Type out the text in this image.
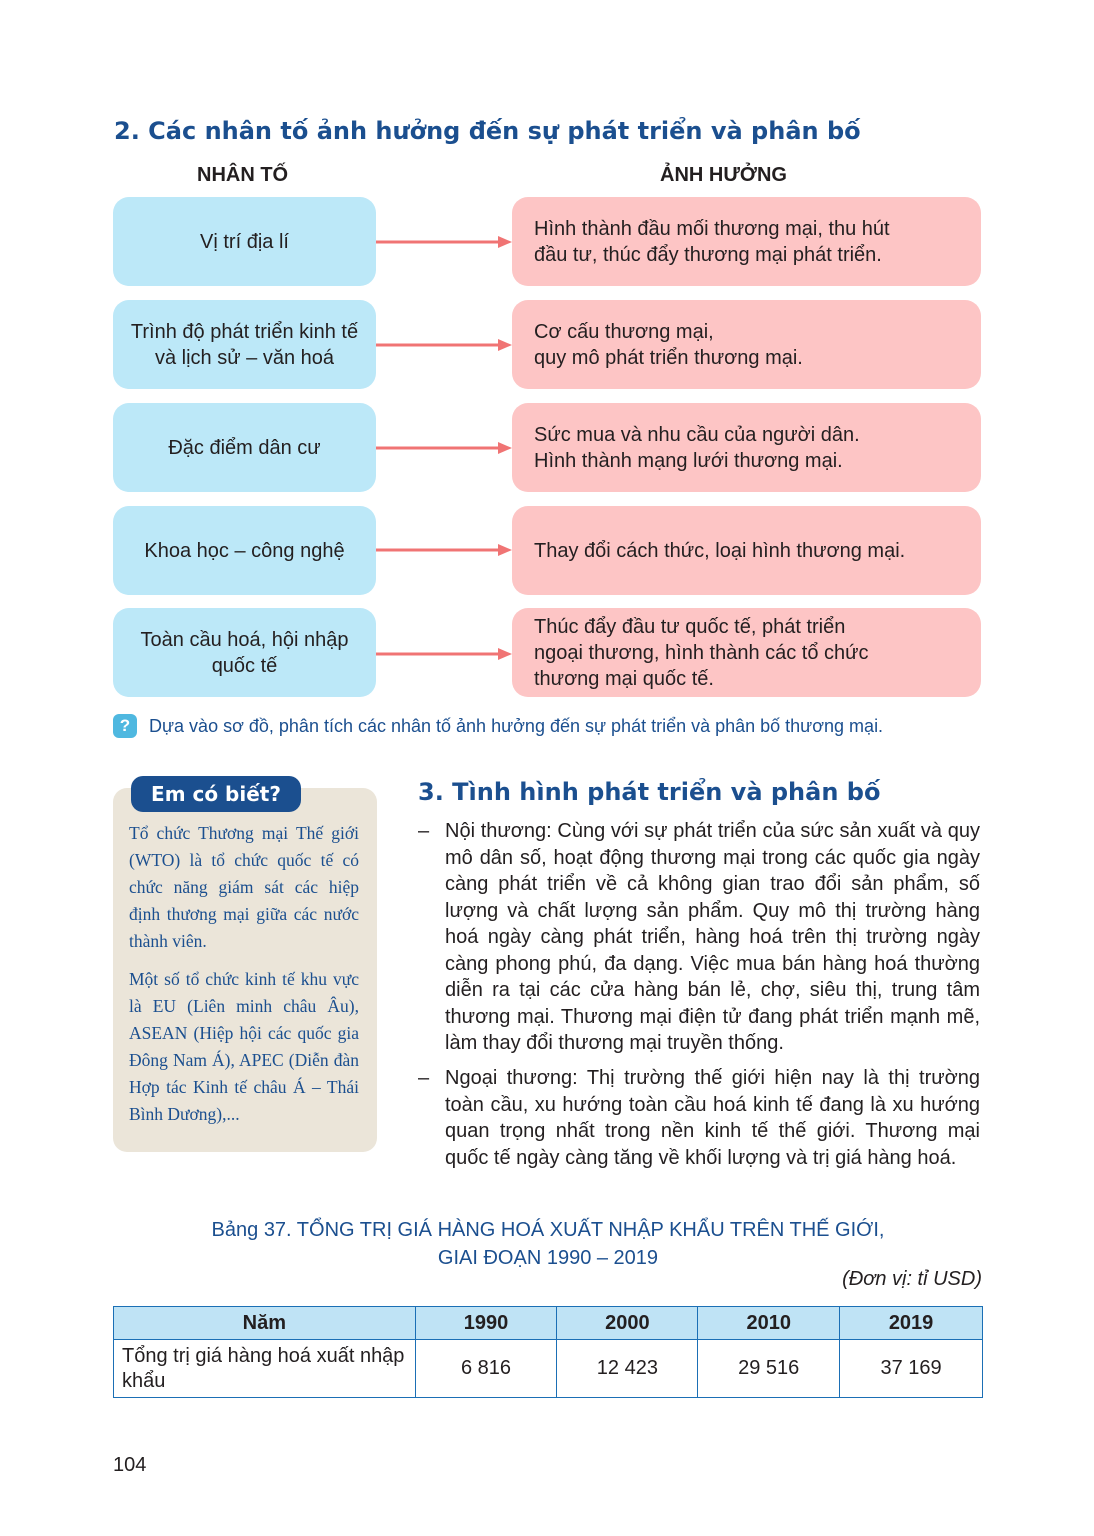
2. Các nhân tố ảnh hưởng đến sự phát triển và phân bố
NHÂN TỐ	ẢNH HƯỞNG
Vị trí địa lí
Hình thành đầu mối thương mại, thu hút
đầu tư, thúc đẩy thương mại phát triển.
Trình độ phát triển kinh tế và lịch sử – văn hoá
Cơ cấu thương mại,
quy mô phát triển thương mại.
Đặc điểm dân cư
Sức mua và nhu cầu của người dân.
Hình thành mạng lưới thương mại.
Khoa học – công nghệ	Thay đổi cách thức, loại hình thương mại.
Toàn cầu hoá, hội nhập quốc tế
Thúc đẩy đầu tư quốc tế, phát triển
ngoại thương, hình thành các tổ chức
thương mại quốc tế.
?	Dựa vào sơ đồ, phân tích các nhân tố ảnh hưởng đến sự phát triển và phân bố thương mại.
Em có biết?

Tổ chức Thương mại Thế giới (WTO) là tổ chức quốc tế có chức năng giám sát các hiệp định thương mại giữa các nước thành viên.

Một số tổ chức kinh tế khu vực là EU (Liên minh châu Âu), ASEAN (Hiệp hội các quốc gia Đông Nam Á), APEC (Diễn đàn Hợp tác Kinh tế châu Á – Thái Bình Dương),...

3. Tình hình phát triển và phân bố
– Nội thương: Cùng với sự phát triển của sức sản xuất và quy mô dân số, hoạt động thương mại trong các quốc gia ngày càng phát triển về cả không gian trao đổi sản phẩm, số lượng và chất lượng sản phẩm. Quy mô thị trường hàng hoá ngày càng phát triển, hàng hoá trên thị trường ngày càng phong phú, đa dạng. Việc mua bán hàng hoá thường diễn ra tại các cửa hàng bán lẻ, chợ, siêu thị, trung tâm thương mại. Thương mại điện tử đang phát triển mạnh mẽ, làm thay đổi thương mại truyền thống.
– Ngoại thương: Thị trường thế giới hiện nay là thị trường toàn cầu, xu hướng toàn cầu hoá kinh tế đang là xu hướng quan trọng nhất trong nền kinh tế thế giới. Thương mại quốc tế ngày càng tăng về khối lượng và trị giá hàng hoá.
Bảng 37. TỔNG TRỊ GIÁ HÀNG HOÁ XUẤT NHẬP KHẨU TRÊN THẾ GIỚI,
GIAI ĐOẠN 1990 – 2019
(Đơn vị: tỉ USD)
Năm	1990	2000	2010	2019
Tổng trị giá hàng hoá xuất nhập khẩu	6 816	12 423	29 516	37 169
104
